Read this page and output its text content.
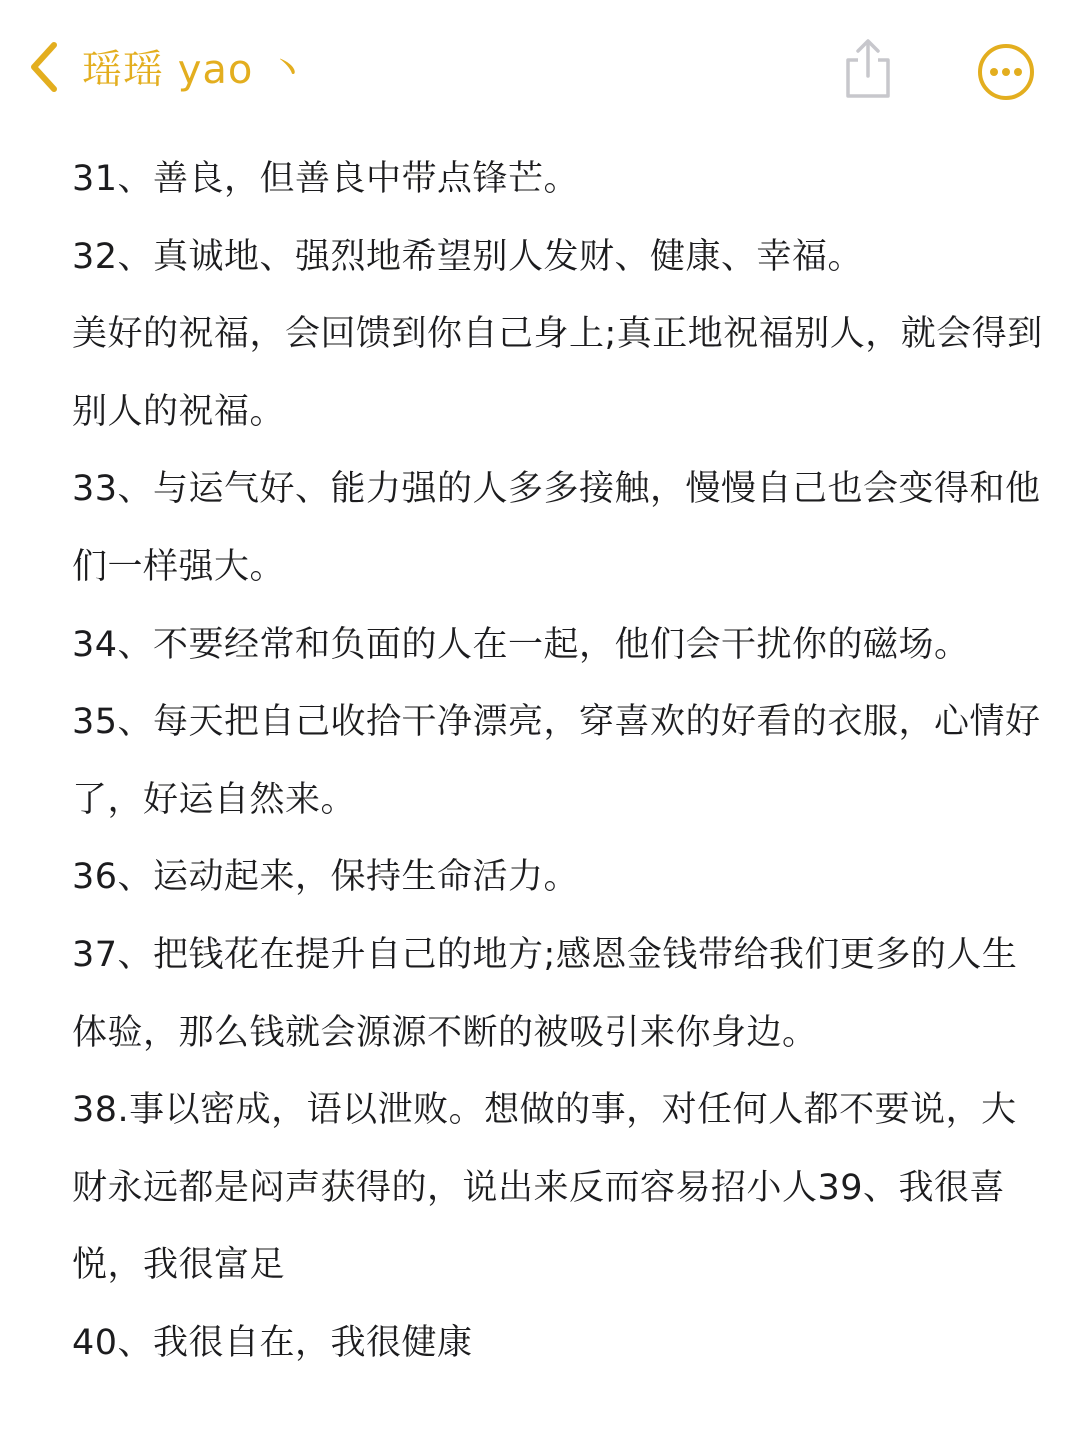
瑶瑶 yao 丶
31、善良，但善良中带点锋芒。
32、真诚地、强烈地希望别人发财、健康、幸福。
美好的祝福，会回馈到你自己身上;真正地祝福别人，就会得到
别人的祝福。
33、与运气好、能力强的人多多接触，慢慢自己也会变得和他
们一样强大。
34、不要经常和负面的人在一起，他们会干扰你的磁场。
35、每天把自己收拾干净漂亮，穿喜欢的好看的衣服，心情好
了，好运自然来。
36、运动起来，保持生命活力。
37、把钱花在提升自己的地方;感恩金钱带给我们更多的人生
体验，那么钱就会源源不断的被吸引来你身边。
38.事以密成，语以泄败。想做的事，对任何人都不要说，大
财永远都是闷声获得的，说出来反而容易招小人39、我很喜
悦，我很富足
40、我很自在，我很健康
